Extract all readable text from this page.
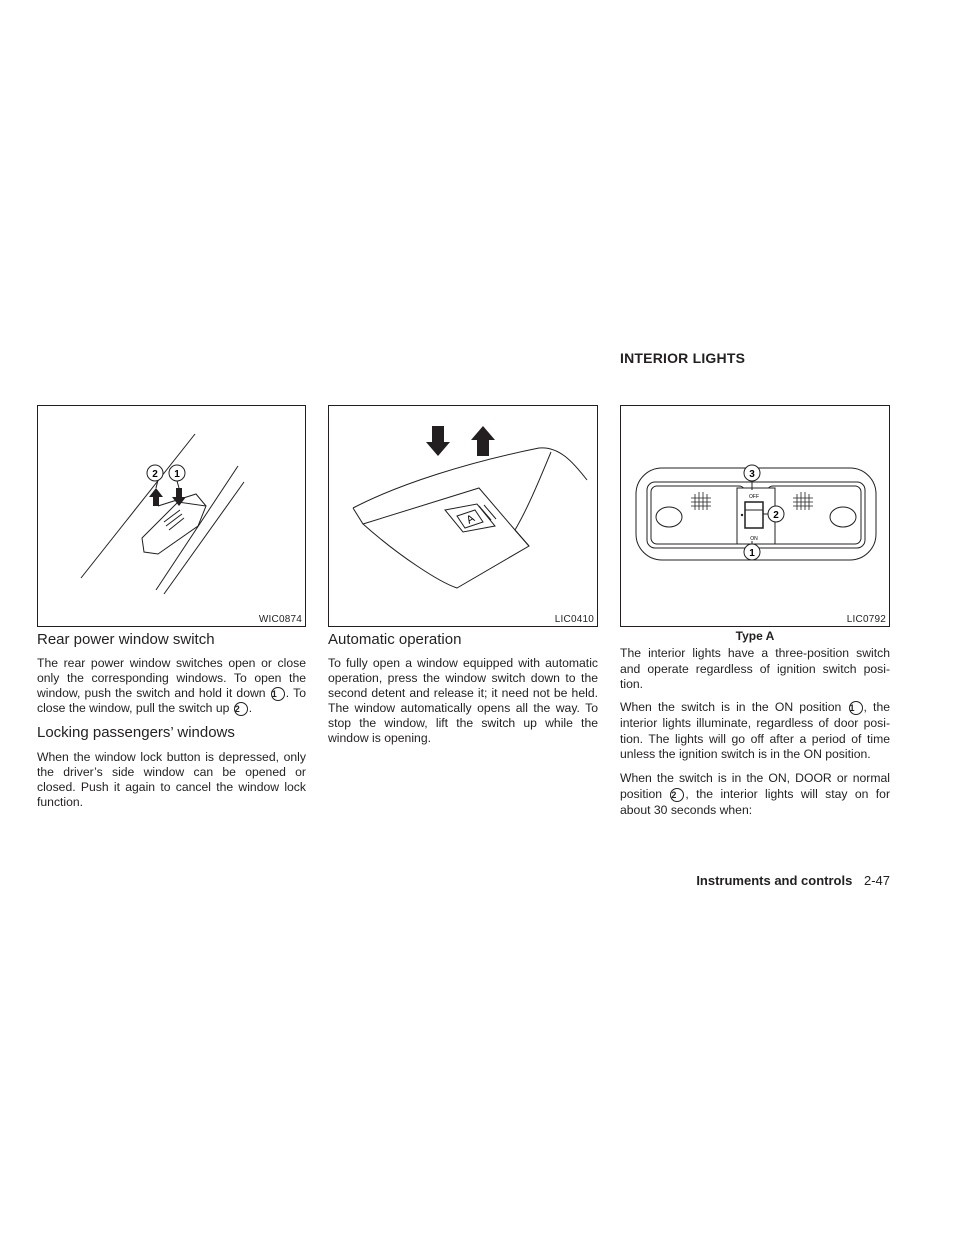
INTERIOR LIGHTS
2 1
WIC0874
A
LIC0410
OFF
ON
3
2
1
LIC0792
Type A
Rear power window switch
The rear power window switches open or close
only the corresponding windows. To open the
window, push the switch and hold it down 1 . To
close the window, pull the switch up 2 .
Locking passengers’ windows
When the window lock button is depressed, only
the driver’s side window can be opened or
closed. Push it again to cancel the window lock
function.
Automatic operation
To fully open a window equipped with automatic
operation, press the window switch down to the
second detent and release it; it need not be held.
The window automatically opens all the way. To
stop the window, lift the switch up while the
window is opening.
The interior lights have a three-position switch
and operate regardless of ignition switch posi-
tion.
When the switch is in the ON position 1 , the
interior lights illuminate, regardless of door posi-
tion. The lights will go off after a period of time
unless the ignition switch is in the ON position.
When the switch is in the ON, DOOR or normal
position 2 , the interior lights will stay on for
about 30 seconds when:
Instruments and controls 2-47
